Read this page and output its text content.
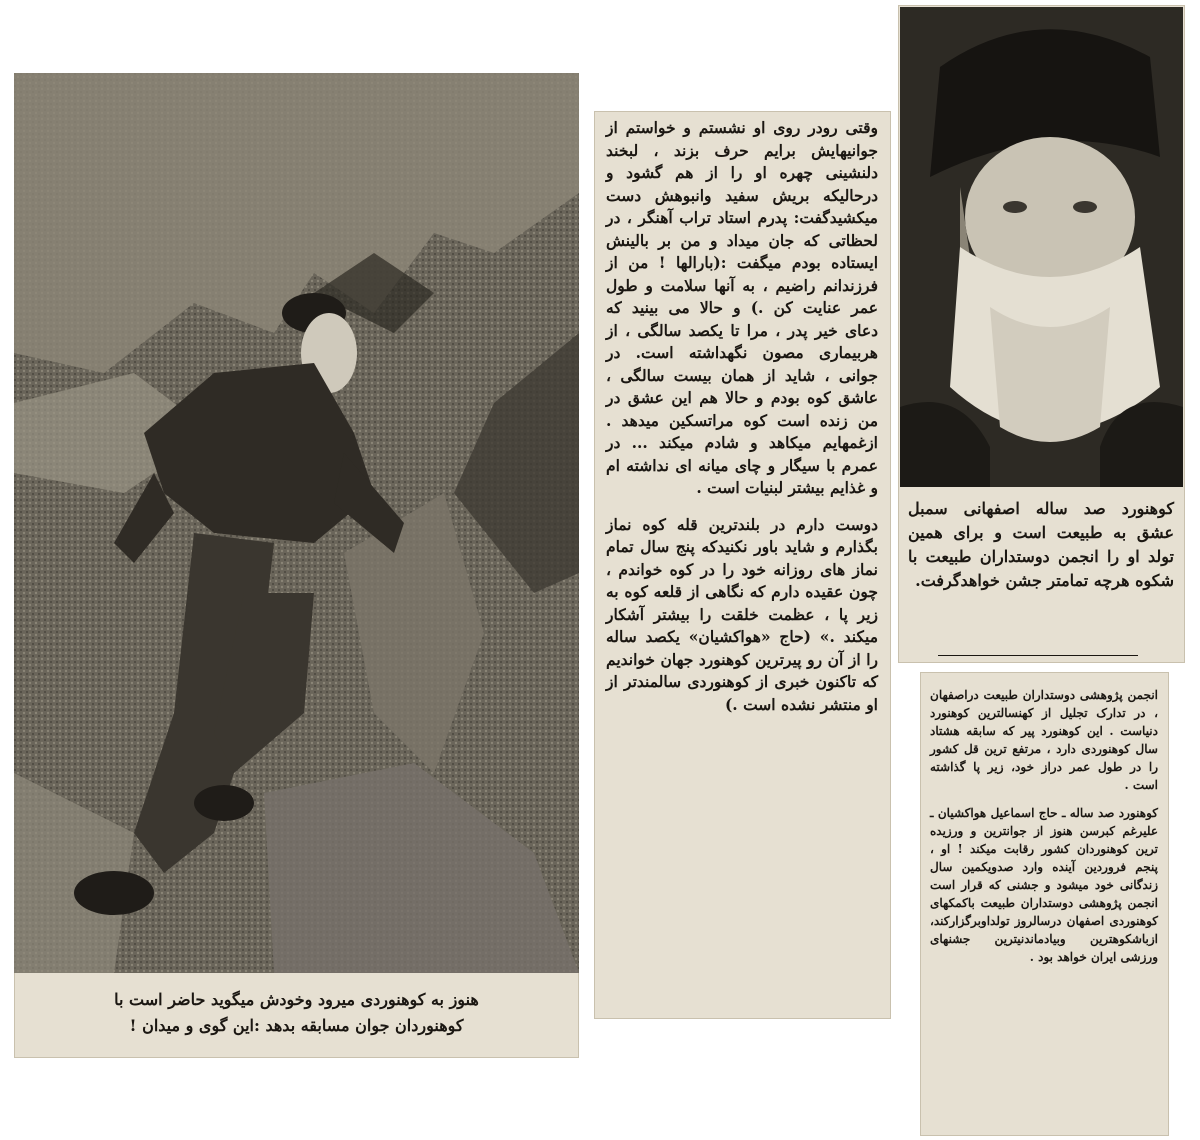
هنوز به کوهنوردی میرود وخودش میگوید حاضر است با
کوهنوردان جوان مسابقه بدهد :این گوی و میدان !

وقتی رودر روی او نشستم و خواستم از جوانیهایش برایم حرف بزند ، لبخند دلنشینی چهره او را از هم گشود و درحالیکه بریش سفید وانبوهش دست میکشیدگفت: پدرم استاد تراب آهنگر ، در لحظاتی که جان میداد و من بر بالینش ایستاده بودم میگفت :(بارالها ! من از فرزندانم راضیم ، به آنها سلامت و طول عمر عنایت کن .) و حالا می بینید که دعای خیر پدر ، مرا تا یکصد سالگی ، از هربیماری مصون نگهداشته است. در جوانی ، شاید از همان بیست سالگی ، عاشق کوه بودم و حالا هم این عشق در من زنده است کوه مراتسکین میدهد . ازغمهایم میکاهد و شادم میکند ... در عمرم با سیگار و چای میانه ای نداشته ام و غذایم بیشتر لبنیات است .

دوست دارم در بلندترین قله کوه نماز بگذارم و شاید باور نکنیدکه پنج سال تمام نماز های روزانه خود را در کوه خواندم ، چون عقیده دارم که نگاهی از قلعه کوه به زیر پا ، عظمت خلقت را بیشتر آشکار میکند .» (حاج «هواکشیان» یکصد ساله را از آن رو پیرترین کوهنورد جهان خواندیم که تاکنون خبری از کوهنوردی سالمندتر از او منتشر نشده است .)

کوهنورد صد ساله اصفهانی سمبل عشق به طبیعت است و برای همین تولد او را انجمن دوستداران طبیعت با شکوه هرچه تمامتر جشن خواهدگرفت.

انجمن پژوهشی دوستداران طبیعت دراصفهان ، در تدارک تجلیل از کهنسالترین کوهنورد دنیاست . این کوهنورد پیر که سابقه هشتاد سال کوهنوردی دارد ، مرتفع ترین قل کشور را در طول عمر دراز خود، زیر پا گذاشته است .

کوهنورد صد ساله ـ حاج اسماعیل هواکشیان ـ علیرغم کبرسن هنوز از جوانترین و ورزیده ترین کوهنوردان کشور رقابت میکند ! او ، پنجم فروردین آینده وارد صدویکمین سال زندگانی خود میشود و جشنی که قرار است انجمن پژوهشی دوستداران طبیعت باکمکهای کوهنوردی اصفهان درسالروز تولداوبرگزارکند، ازباشکوهترین وبیادماندنیترین جشنهای ورزشی ایران خواهد بود .
